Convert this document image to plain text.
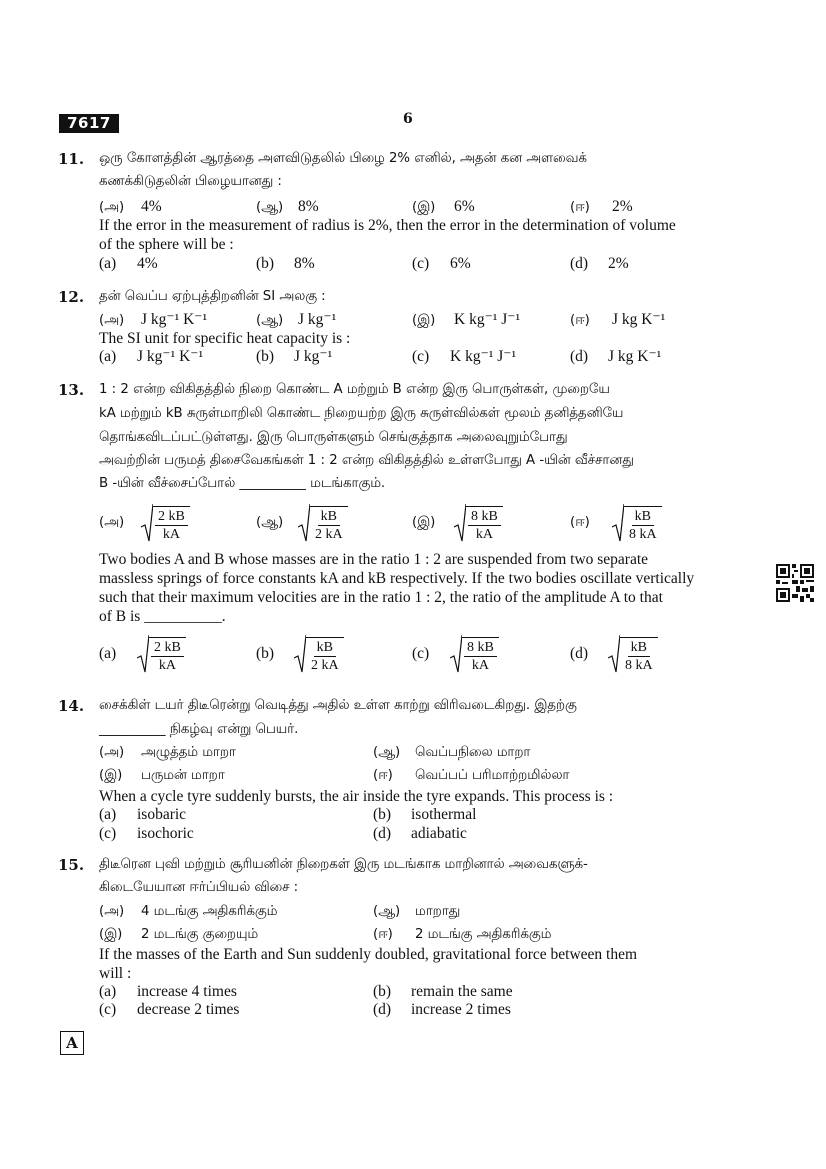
7617	6
11. ஒரு கோளத்தின் ஆரத்தை அளவிடுதலில் பிழை 2% எனில், அதன் கன அளவைக்
கணக்கிடுதலின் பிழையானது :
(அ) 4%	(ஆ) 8%	(இ) 6%	(ஈ) 2%
If the error in the measurement of radius is 2%, then the error in the determination of volume
of the sphere will be :
(a) 4%	(b) 8%	(c) 6%	(d) 2%
12. தன் வெப்ப ஏற்புத்திறனின் SI அலகு :
(அ) J kg⁻¹ K⁻¹	(ஆ) J kg⁻¹	(இ) K kg⁻¹ J⁻¹	(ஈ) J kg K⁻¹
The SI unit for specific heat capacity is :
(a) J kg⁻¹ K⁻¹	(b) J kg⁻¹	(c) K kg⁻¹ J⁻¹	(d) J kg K⁻¹
13. 1 : 2 என்ற விகிதத்தில் நிறை கொண்ட A மற்றும் B என்ற இரு பொருள்கள், முறையே
kA மற்றும் kB சுருள்மாறிலி கொண்ட நிறையற்ற இரு சுருள்வில்கள் மூலம் தனித்தனியே
தொங்கவிடப்பட்டுள்ளது. இரு பொருள்களும் செங்குத்தாக அலைவுறும்போது
அவற்றின் பருமத் திசைவேகங்கள் 1 : 2 என்ற விகிதத்தில் உள்ளபோது A -யின் வீச்சானது
B -யின் வீச்சைப்போல் __________ மடங்காகும்.
(அ) $\frac{2 kB}{kA}$	(ஆ) $\frac{kB}{2 kA}$	(இ) $\frac{8 kB}{kA}$	(ஈ) $\frac{kB}{8 kA}$
Two bodies A and B whose masses are in the ratio 1 : 2 are suspended from two separate
massless springs of force constants kA and kB respectively. If the two bodies oscillate vertically
such that their maximum velocities are in the ratio 1 : 2, the ratio of the amplitude A to that
of B is __________.
$(a) \frac{2 kB}{kA}$	$(b) \frac{kB}{2 kA}$	$(c) \frac{8 kB}{kA}$	$(d) \frac{kB}{8 kA}$
14. சைக்கிள் டயர் திடீரென்று வெடித்து அதில் உள்ள காற்று விரிவடைகிறது. இதற்கு
__________ நிகழ்வு என்று பெயர்.
(அ) அழுத்தம் மாறா	(ஆ) வெப்பநிலை மாறா
(இ) பருமன் மாறா	(ஈ) வெப்பப் பரிமாற்றமில்லா
When a cycle tyre suddenly bursts, the air inside the tyre expands. This process is :
(a) isobaric	(b) isothermal
(c) isochoric	(d) adiabatic
15. திடீரென புவி மற்றும் சூரியனின் நிறைகள் இரு மடங்காக மாறினால் அவைகளுக்-
கிடையேயான ஈர்ப்பியல் விசை :
(அ) 4 மடங்கு அதிகரிக்கும்	(ஆ) மாறாது
(இ) 2 மடங்கு குறையும்	(ஈ) 2 மடங்கு அதிகரிக்கும்
If the masses of the Earth and Sun suddenly doubled, gravitational force between them
will :
(a) increase 4 times	(b) remain the same
(c) decrease 2 times	(d) increase 2 times
A
